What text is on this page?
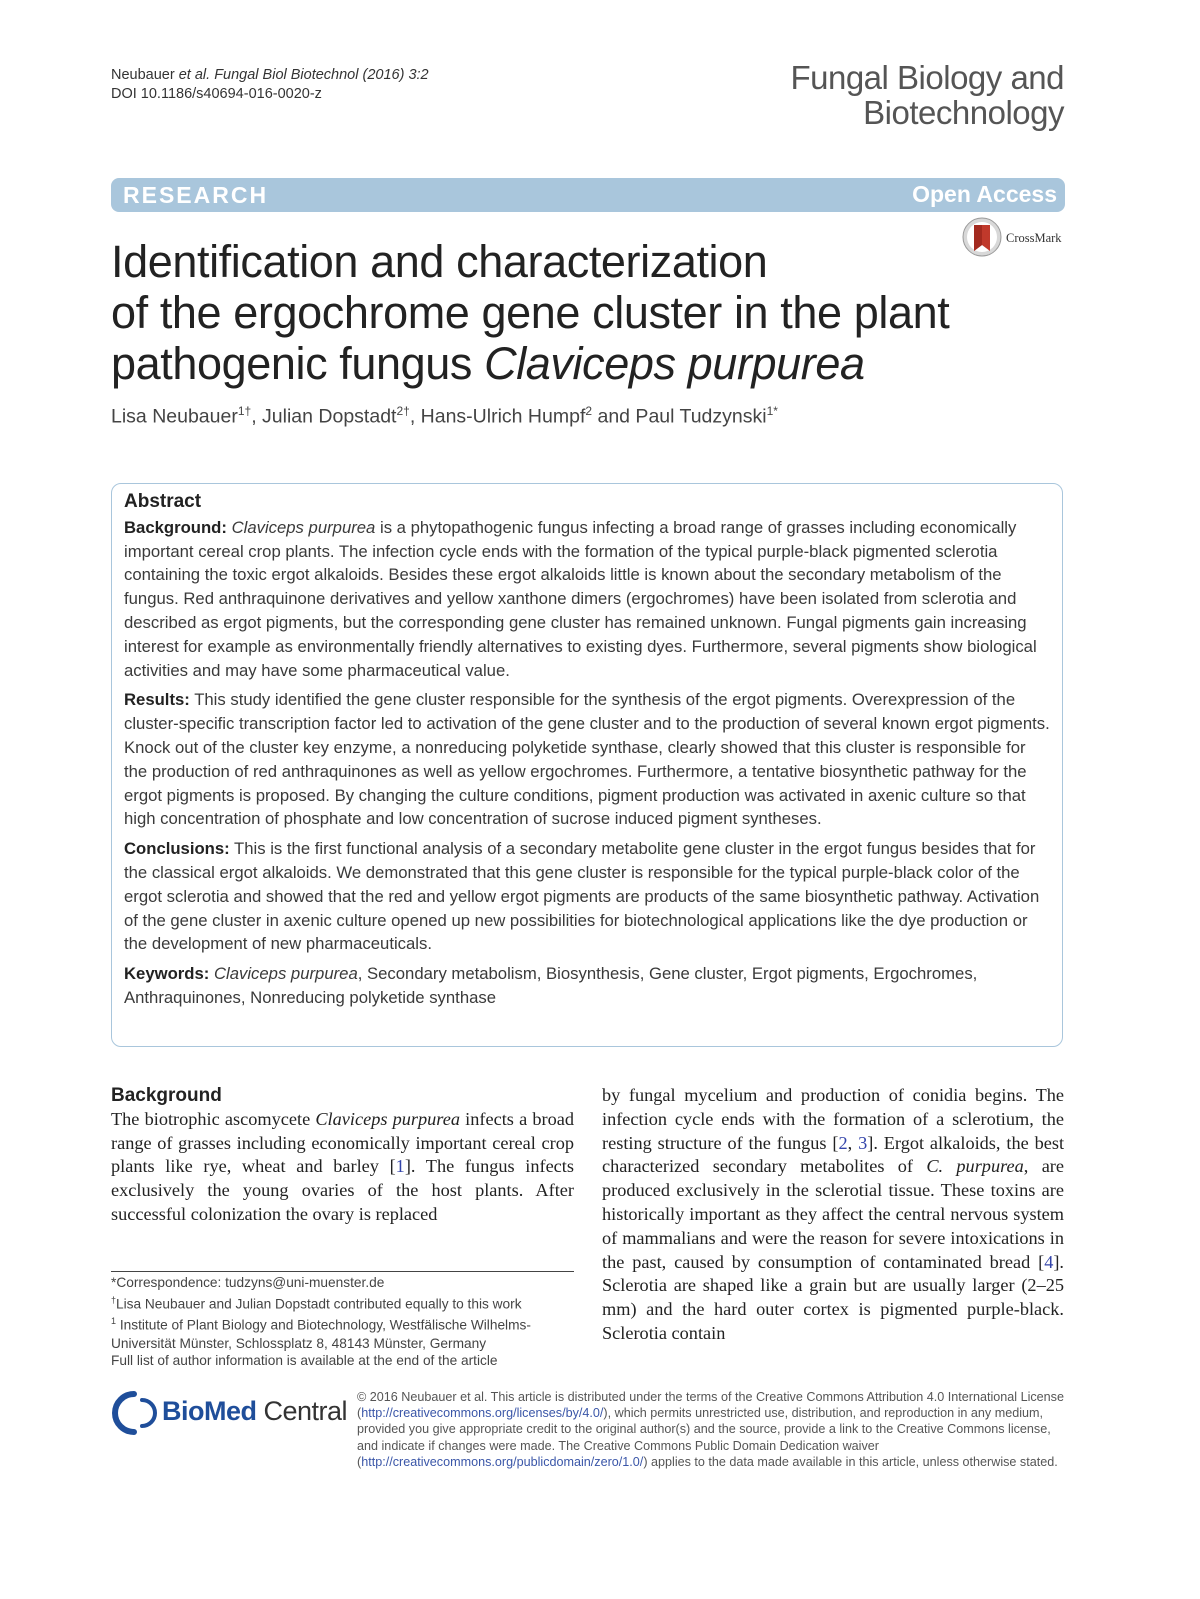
Neubauer et al. Fungal Biol Biotechnol (2016) 3:2
DOI 10.1186/s40694-016-0020-z	Fungal Biology and
Biotechnology
RESEARCH	Open Access
CrossMark
Identification and characterization
of the ergochrome gene cluster in the plant
pathogenic fungus Claviceps purpurea
Lisa Neubauer$^{1\dagger}$, Julian Dopstadt$^{2\dagger}$, Hans-Ulrich Humpf$^2$ and Paul Tudzynski$^{1*}$
Abstract

Background: Claviceps purpurea is a phytopathogenic fungus infecting a broad range of grasses including economically important cereal crop plants. The infection cycle ends with the formation of the typical purple-black pigmented sclerotia containing the toxic ergot alkaloids. Besides these ergot alkaloids little is known about the secondary metabolism of the fungus. Red anthraquinone derivatives and yellow xanthone dimers (ergochromes) have been isolated from sclerotia and described as ergot pigments, but the corresponding gene cluster has remained unknown. Fungal pigments gain increasing interest for example as environmentally friendly alternatives to existing dyes. Furthermore, several pigments show biological activities and may have some pharmaceutical value.

Results: This study identified the gene cluster responsible for the synthesis of the ergot pigments. Overexpression of the cluster-specific transcription factor led to activation of the gene cluster and to the production of several known ergot pigments. Knock out of the cluster key enzyme, a nonreducing polyketide synthase, clearly showed that this cluster is responsible for the production of red anthraquinones as well as yellow ergochromes. Furthermore, a tentative biosynthetic pathway for the ergot pigments is proposed. By changing the culture conditions, pigment production was activated in axenic culture so that high concentration of phosphate and low concentration of sucrose induced pigment syntheses.

Conclusions: This is the first functional analysis of a secondary metabolite gene cluster in the ergot fungus besides that for the classical ergot alkaloids. We demonstrated that this gene cluster is responsible for the typical purple-black color of the ergot sclerotia and showed that the red and yellow ergot pigments are products of the same biosynthetic pathway. Activation of the gene cluster in axenic culture opened up new possibilities for biotechnological applications like the dye production or the development of new pharmaceuticals.

Keywords: Claviceps purpurea, Secondary metabolism, Biosynthesis, Gene cluster, Ergot pigments, Ergochromes, Anthraquinones, Nonreducing polyketide synthase

Background
The biotrophic ascomycete Claviceps purpurea infects a broad range of grasses including economically important cereal crop plants like rye, wheat and barley [1]. The fungus infects exclusively the young ovaries of the host plants. After successful colonization the ovary is replaced
by fungal mycelium and production of conidia begins. The infection cycle ends with the formation of a sclerotium, the resting structure of the fungus [2, 3]. Ergot alkaloids, the best characterized secondary metabolites of C. purpurea, are produced exclusively in the sclerotial tissue. These toxins are historically important as they affect the central nervous system of mammalians and were the reason for severe intoxications in the past, caused by consumption of contaminated bread [4]. Sclerotia are shaped like a grain but are usually larger (2–25 mm) and the hard outer cortex is pigmented purple-black. Sclerotia contain
*Correspondence: tudzyns@uni-muenster.de
†Lisa Neubauer and Julian Dopstadt contributed equally to this work
$^1$ Institute of Plant Biology and Biotechnology, Westfälische Wilhelms-
Universität Münster, Schlossplatz 8, 48143 Münster, Germany
Full list of author information is available at the end of the article
BioMed Central © 2016 Neubauer et al. This article is distributed under the terms of the Creative Commons Attribution 4.0 International License (http://creativecommons.org/licenses/by/4.0/), which permits unrestricted use, distribution, and reproduction in any medium, provided you give appropriate credit to the original author(s) and the source, provide a link to the Creative Commons license, and indicate if changes were made. The Creative Commons Public Domain Dedication waiver (http://creativecommons.org/publicdomain/zero/1.0/) applies to the data made available in this article, unless otherwise stated.
